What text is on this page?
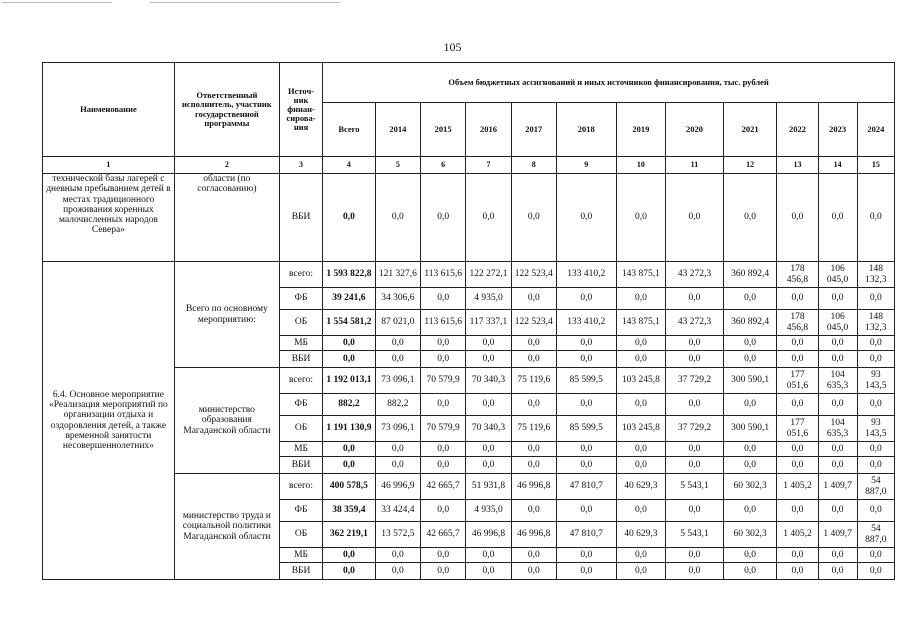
105
Наименование	Ответственный исполнитель, участник государственной программы	Источ-ник финан-сирова-ния	Объем бюджетных ассигнований и иных источников финансирования, тыс. рублей											
			Всего	2014	2015	2016	2017	2018	2019	2020	2021	2022	2023	2024
1	2	3	4	5	6	7	8	9	10	11	12	13	14	15
технической базы лагерей с дневным пребыванием детей в местах традиционного проживания коренных малочисленных народов Севера»	области (по согласованию)	ВБИ	0,0	0,0	0,0	0,0	0,0	0,0	0,0	0,0	0,0	0,0	0,0	0,0
6.4. Основное мероприятие «Реализация мероприятий по организации отдыха и оздоровления детей, а также временной занятости несовершеннолетних»	Всего по основному мероприятию:	всего:	1 593 822,8	121 327,6	113 615,6	122 272,1	122 523,4	133 410,2	143 875,1	43 272,3	360 892,4	178 456,8	106 045,0	148 132,3
		ФБ	39 241,6	34 306,6	0,0	4 935,0	0,0	0,0	0,0	0,0	0,0	0,0	0,0	0,0
		ОБ	1 554 581,2	87 021,0	113 615,6	117 337,1	122 523,4	133 410,2	143 875,1	43 272,3	360 892,4	178 456,8	106 045,0	148 132,3
		МБ	0,0	0,0	0,0	0,0	0,0	0,0	0,0	0,0	0,0	0,0	0,0	0,0
		ВБИ	0,0	0,0	0,0	0,0	0,0	0,0	0,0	0,0	0,0	0,0	0,0	0,0
	министерство образования Магаданской области	всего:	1 192 013,1	73 096,1	70 579,9	70 340,3	75 119,6	85 599,5	103 245,8	37 729,2	300 590,1	177 051,6	104 635,3	93 143,5
		ФБ	882,2	882,2	0,0	0,0	0,0	0,0	0,0	0,0	0,0	0,0	0,0	0,0
		ОБ	1 191 130,9	73 096,1	70 579,9	70 340,3	75 119,6	85 599,5	103 245,8	37 729,2	300 590,1	177 051,6	104 635,3	93 143,5
		МБ	0,0	0,0	0,0	0,0	0,0	0,0	0,0	0,0	0,0	0,0	0,0	0,0
		ВБИ	0,0	0,0	0,0	0,0	0,0	0,0	0,0	0,0	0,0	0,0	0,0	0,0
	министерство труда и социальной политики Магаданской области	всего:	400 578,5	46 996,9	42 665,7	51 931,8	46 996,8	47 810,7	40 629,3	5 543,1	60 302,3	1 405,2	1 409,7	54 887,0
		ФБ	38 359,4	33 424,4	0,0	4 935,0	0,0	0,0	0,0	0,0	0,0	0,0	0,0	0,0
		ОБ	362 219,1	13 572,5	42 665,7	46 996,8	46 996,8	47 810,7	40 629,3	5 543,1	60 302,3	1 405,2	1 409,7	54 887,0
		МБ	0,0	0,0	0,0	0,0	0,0	0,0	0,0	0,0	0,0	0,0	0,0	0,0
		ВБИ	0,0	0,0	0,0	0,0	0,0	0,0	0,0	0,0	0,0	0,0	0,0	0,0
